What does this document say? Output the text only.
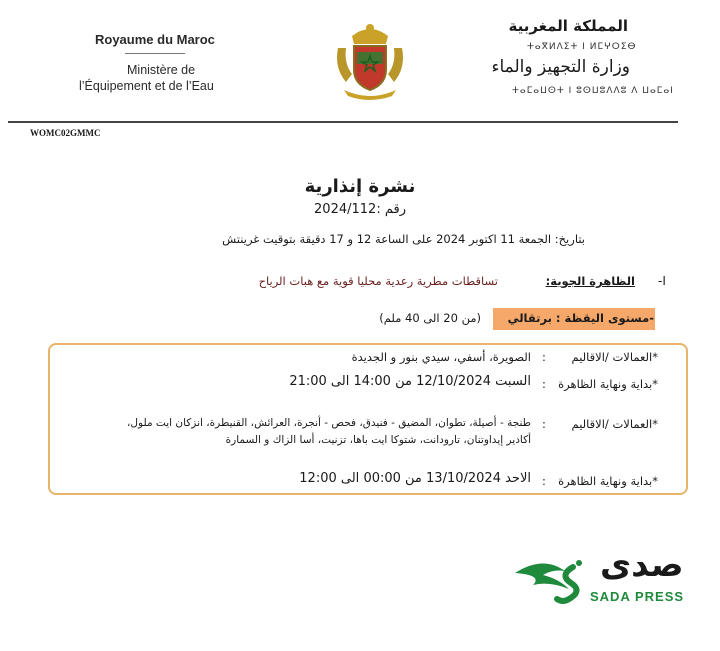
Royaume du Maroc
Ministère de
l’Équipement et de l’Eau
المملكة المغربية
ⵜⴰⴳⵍⴷⵉⵜ ⵏ ⵍⵎⵖⵔⵉⴱ
وزارة التجهيز والماء
ⵜⴰⵎⴰⵡⵙⵜ ⵏ ⵓⵙⵡⵓⴷⴷⵓ ⴷ ⵡⴰⵎⴰⵏ
WOMC02GMMC
نشرة إنذارية
رقم :2024/112
بتاريخ: الجمعة 11 اكتوبر 2024 على الساعة 12 و 17 دقيقة بتوقيت غرينتش
-I
الظاهرة الجوية:
تساقطات مطرية رعدية محليا قوية مع هبات الرياح
-مستوى اليقظة : برتقالي
(من 20 الى 40 ملم)
*العمالات /الاقاليم
:
الصويرة، أسفي، سيدي بنور و الجديدة
*بداية ونهاية الظاهرة
:
السبت 12/10/2024 من 14:00 الى 21:00
*العمالات /الاقاليم
:
طنجة - أصيلة، تطوان، المضيق - فنيدق، فحص - أنجرة، العرائش، القنيطرة، انزكان ايت ملول،
أكادير إيداوتنان، تارودانت، شتوكا ايت باها، تزنيت، أسا الزاك و السمارة
*بداية ونهاية الظاهرة
:
الاحد 13/10/2024 من 00:00 الى 12:00
صدى
SADA PRESS
